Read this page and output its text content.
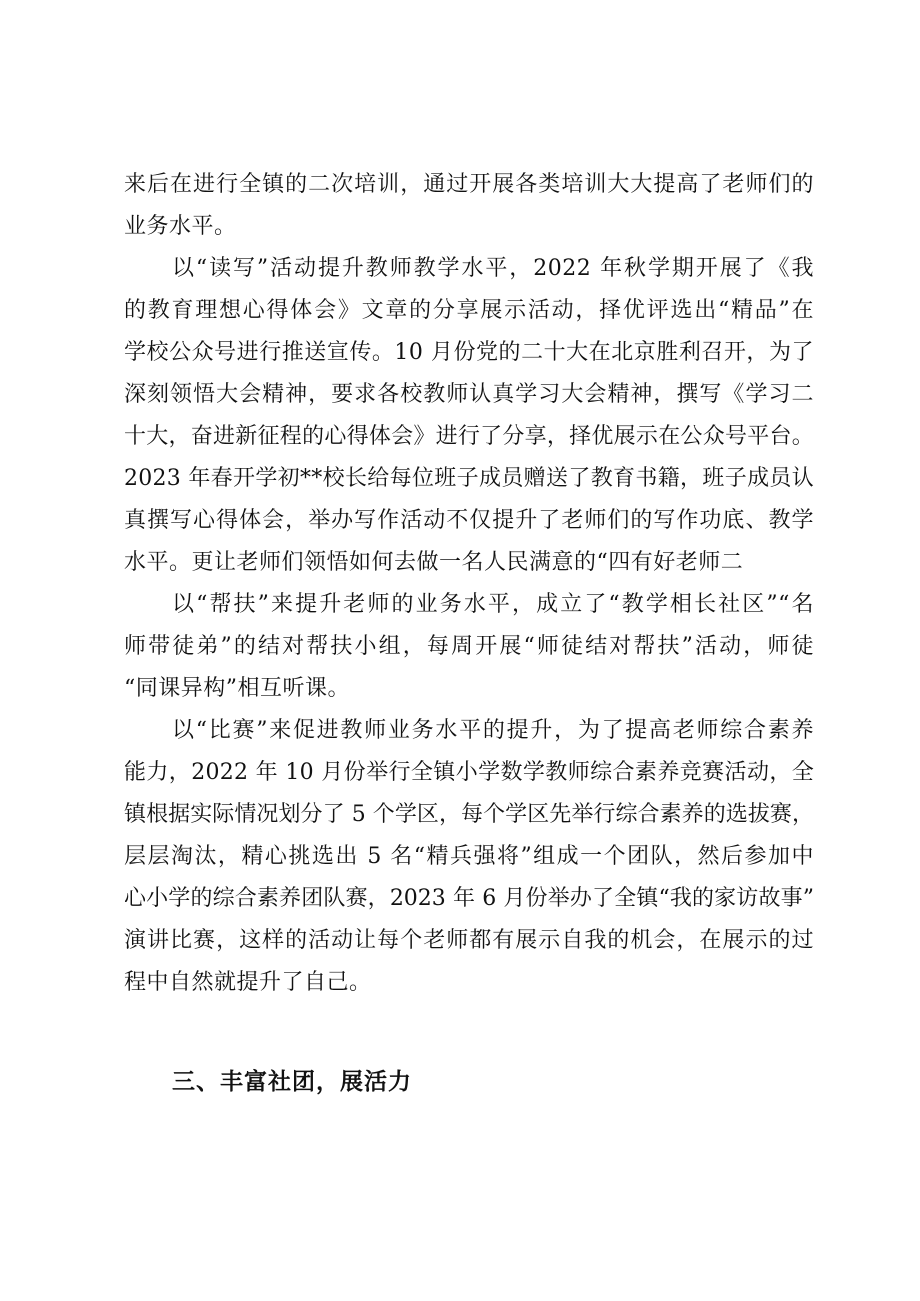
来后在进行全镇的二次培训，通过开展各类培训大大提高了老师们的
业务水平。
以“读写”活动提升教师教学水平，2022 年秋学期开展了《我
的教育理想心得体会》文章的分享展示活动，择优评选出“精品”在
学校公众号进行推送宣传。10 月份党的二十大在北京胜利召开，为了
深刻领悟大会精神，要求各校教师认真学习大会精神，撰写《学习二
十大，奋进新征程的心得体会》进行了分享，择优展示在公众号平台。
2023 年春开学初**校长给每位班子成员赠送了教育书籍，班子成员认
真撰写心得体会，举办写作活动不仅提升了老师们的写作功底、教学
水平。更让老师们领悟如何去做一名人民满意的“四有好老师二
以“帮扶”来提升老师的业务水平，成立了“教学相长社区”“名
师带徒弟”的结对帮扶小组，每周开展“师徒结对帮扶”活动，师徒
“同课异构”相互听课。
以“比赛”来促进教师业务水平的提升，为了提高老师综合素养
能力，2022 年 10 月份举行全镇小学数学教师综合素养竞赛活动，全
镇根据实际情况划分了 5 个学区，每个学区先举行综合素养的选拔赛，
层层淘汰，精心挑选出 5 名“精兵强将”组成一个团队，然后参加中
心小学的综合素养团队赛，2023 年 6 月份举办了全镇“我的家访故事”
演讲比赛，这样的活动让每个老师都有展示自我的机会，在展示的过
程中自然就提升了自己。
三、丰富社团，展活力
